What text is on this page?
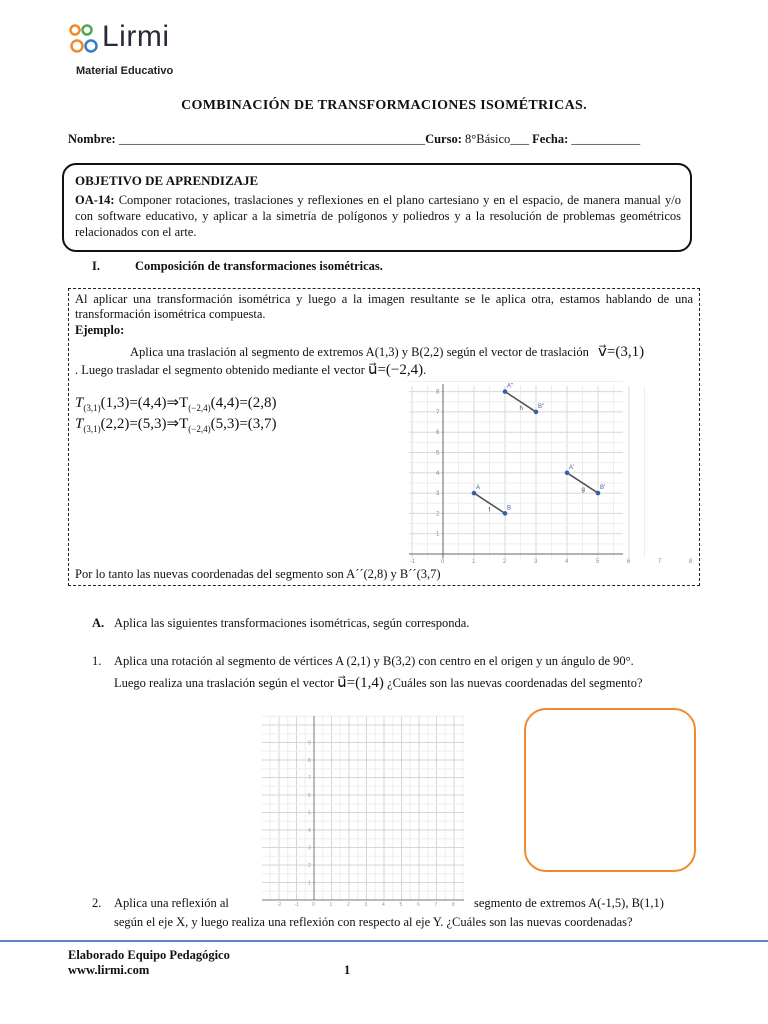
Lirmi
Material Educativo
COMBINACIÓN DE TRANSFORMACIONES ISOMÉTRICAS.
Nombre: _________________________________________________Curso: 8°Básico___ Fecha: ___________
OBJETIVO DE APRENDIZAJE
OA-14: Componer rotaciones, traslaciones y reflexiones en el plano cartesiano y en el espacio, de manera manual y/o con software educativo, y aplicar a la simetría de polígonos y poliedros y a la resolución de problemas geométricos relacionados con el arte.
I.	Composición de transformaciones isométricas.
Al aplicar una transformación isométrica y luego a la imagen resultante se le aplica otra, estamos hablando de una transformación isométrica compuesta.
Ejemplo:
Aplica una traslación al segmento de extremos A(1,3) y B(2,2) según el vector de traslación v⃗=(3,1)
. Luego trasladar el segmento obtenido mediante el vector u⃗=(−2,4).
$T_{(3,1)}(1,3)=(4,4)\Rightarrow T_{(-2,4)}(4,4)=(2,8)$
$T_{(3,1)}(2,2)=(5,3)\Rightarrow T_{(-2,4)}(5,3)=(3,7)$
-1	0	1	2	3	4	5	6	7	8
1
2
3
4
5
6
7
8
f
g
h
A
B
A'
B'
A''
B''
Por lo tanto las nuevas coordenadas del segmento son A´´(2,8) y B´´(3,7)
A. Aplica las siguientes transformaciones isométricas, según corresponda.
1. Aplica una rotación al segmento de vértices A (2,1) y B(3,2) con centro en el origen y un ángulo de 90°.
Luego realiza una traslación según el vector u⃗=(1,4) ¿Cuáles son las nuevas coordenadas del segmento?
9
8
7
6
5
4
3
2
1
-2	-1	0	1	2	3	4	5	6	7	8
2. Aplica una reflexión al	segmento de extremos A(-1,5), B(1,1)
según el eje X, y luego realiza una reflexión con respecto al eje Y. ¿Cuáles son las nuevas coordenadas?
Elaborado Equipo Pedagógico
www.lirmi.com	1
